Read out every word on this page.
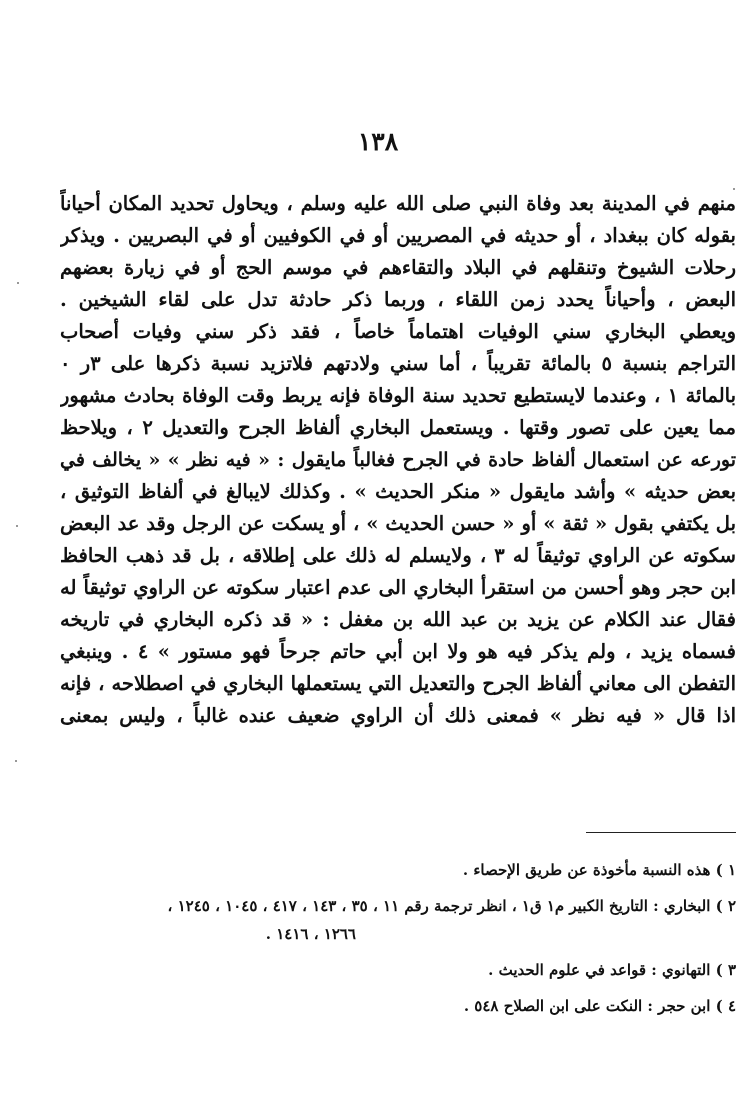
١٣٨
منهم في المدينة بعد وفاة النبي صلى الله عليه وسلم ، ويحاول تحديد المكان أحياناً
بقوله كان ببغداد ، أو حديثه في المصريين أو في الكوفيين أو في البصريين . ويذكر
رحلات الشيوخ وتنقلهم في البلاد والتقاءهم في موسم الحج أو في زيارة بعضهم
البعض ، وأحياناً يحدد زمن اللقاء ، وربما ذكر حادثة تدل على لقاء الشيخين .
ويعطي البخاري سني الوفيات اهتماماً خاصاً ، فقد ذكر سني وفيات أصحاب
التراجم بنسبة ٥ بالمائة تقريباً ، أما سني ولادتهم فلاتزيد نسبة ذكرها على ٣ر ٠
بالمائة ١ ، وعندما لايستطيع تحديد سنة الوفاة فإنه يربط وقت الوفاة بحادث مشهور
مما يعين على تصور وقتها . ويستعمل البخاري ألفاظ الجرح والتعديل ٢ ، ويلاحظ
تورعه عن استعمال ألفاظ حادة في الجرح فغالباً مايقول : « فيه نظر » « يخالف في
بعض حديثه » وأشد مايقول « منكر الحديث » . وكذلك لايبالغ في ألفاظ التوثيق ،
بل يكتفي بقول « ثقة » أو « حسن الحديث » ، أو يسكت عن الرجل وقد عد البعض
سكوته عن الراوي توثيقاً له ٣ ، ولايسلم له ذلك على إطلاقه ، بل قد ذهب الحافظ
ابن حجر وهو أحسن من استقرأ البخاري الى عدم اعتبار سكوته عن الراوي توثيقاً له
فقال عند الكلام عن يزيد بن عبد الله بن مغفل : « قد ذكره البخاري في تاريخه
فسماه يزيد ، ولم يذكر فيه هو ولا ابن أبي حاتم جرحاً فهو مستور » ٤ . وينبغي
التفطن الى معاني ألفاظ الجرح والتعديل التي يستعملها البخاري في اصطلاحه ، فإنه
اذا قال « فيه نظر » فمعنى ذلك أن الراوي ضعيف عنده غالباً ، وليس بمعنى
١ ) هذه النسبة مأخوذة عن طريق الإحصاء .
٢ ) البخاري : التاريخ الكبير م١ ق١ ، انظر ترجمة رقم ١١ ، ٣٥ ، ١٤٣ ، ٤١٧ ، ١٠٤٥ ، ١٢٤٥ ،
١٢٦٦ ، ١٤١٦ .
٣ ) التهانوي : قواعد في علوم الحديث .
٤ ) ابن حجر : النكت على ابن الصلاح ٥٤٨ .
